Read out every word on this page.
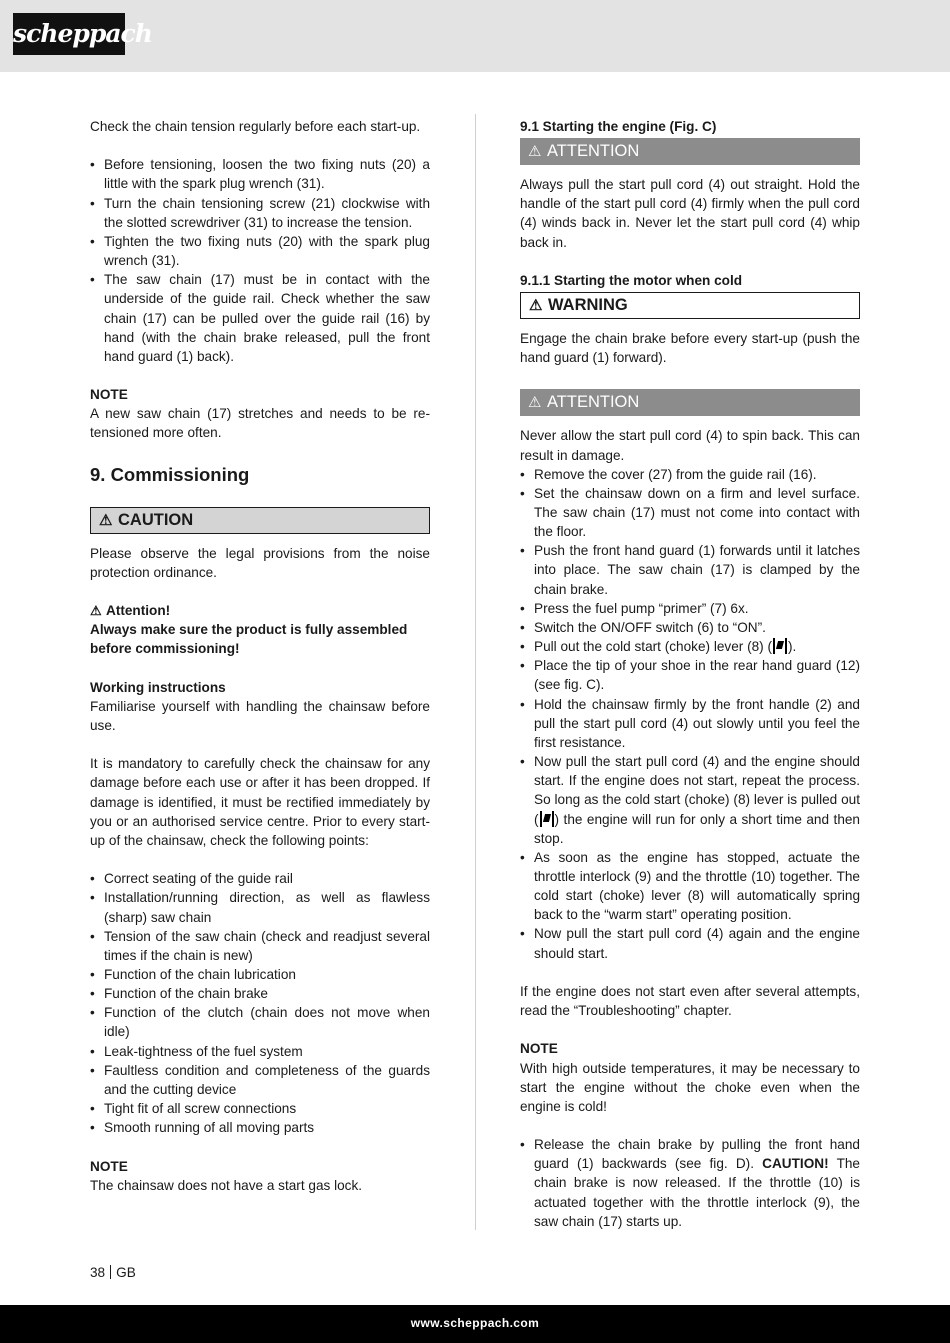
scheppach

Check the chain tension regularly before each start-up.

• Before tensioning, loosen the two fixing nuts (20) a little with the spark plug wrench (31).
• Turn the chain tensioning screw (21) clockwise with the slotted screwdriver (31) to increase the tension.
• Tighten the two fixing nuts (20) with the spark plug wrench (31).
• The saw chain (17) must be in contact with the underside of the guide rail. Check whether the saw chain (17) can be pulled over the guide rail (16) by hand (with the chain brake released, pull the front hand guard (1) back).

NOTE

A new saw chain (17) stretches and needs to be re-tensioned more often.

9. Commissioning
⚠ CAUTION

Please observe the legal provisions from the noise protection ordinance.

⚠ Attention!

Always make sure the product is fully assembled before commissioning!

Working instructions

Familiarise yourself with handling the chainsaw before use.

It is mandatory to carefully check the chainsaw for any damage before each use or after it has been dropped. If damage is identified, it must be rectified immediately by you or an authorised service centre. Prior to every start-up of the chainsaw, check the following points:

• Correct seating of the guide rail
• Installation/running direction, as well as flawless (sharp) saw chain
• Tension of the saw chain (check and readjust several times if the chain is new)
• Function of the chain lubrication
• Function of the chain brake
• Function of the clutch (chain does not move when idle)
• Leak-tightness of the fuel system
• Faultless condition and completeness of the guards and the cutting device
• Tight fit of all screw connections
• Smooth running of all moving parts

NOTE

The chainsaw does not have a start gas lock.

9.1 Starting the engine (Fig. C)

⚠ ATTENTION

Always pull the start pull cord (4) out straight. Hold the handle of the start pull cord (4) firmly when the pull cord (4) winds back in. Never let the start pull cord (4) whip back in.

9.1.1 Starting the motor when cold

⚠ WARNING

Engage the chain brake before every start-up (push the hand guard (1) forward).

⚠ ATTENTION

Never allow the start pull cord (4) to spin back. This can result in damage.

• Remove the cover (27) from the guide rail (16).
• Set the chainsaw down on a firm and level surface. The saw chain (17) must not come into contact with the floor.
• Push the front hand guard (1) forwards until it latches into place. The saw chain (17) is clamped by the chain brake.
• Press the fuel pump “primer” (7) 6x.
• Switch the ON/OFF switch (6) to “ON”.
• Pull out the cold start (choke) lever (8) ( ).
• Place the tip of your shoe in the rear hand guard (12) (see fig. C).
• Hold the chainsaw firmly by the front handle (2) and pull the start pull cord (4) out slowly until you feel the first resistance.
• Now pull the start pull cord (4) and the engine should start. If the engine does not start, repeat the process. So long as the cold start (choke) (8) lever is pulled out ( ) the engine will run for only a short time and then stop.
• As soon as the engine has stopped, actuate the throttle interlock (9) and the throttle (10) together. The cold start (choke) lever (8) will automatically spring back to the “warm start” operating position.
• Now pull the start pull cord (4) again and the engine should start.

If the engine does not start even after several attempts, read the “Troubleshooting” chapter.

NOTE

With high outside temperatures, it may be necessary to start the engine without the choke even when the engine is cold!

• Release the chain brake by pulling the front hand guard (1) backwards (see fig. D). CAUTION! The chain brake is now released. If the throttle (10) is actuated together with the throttle interlock (9), the saw chain (17) starts up.
38 GB
www.scheppach.com
